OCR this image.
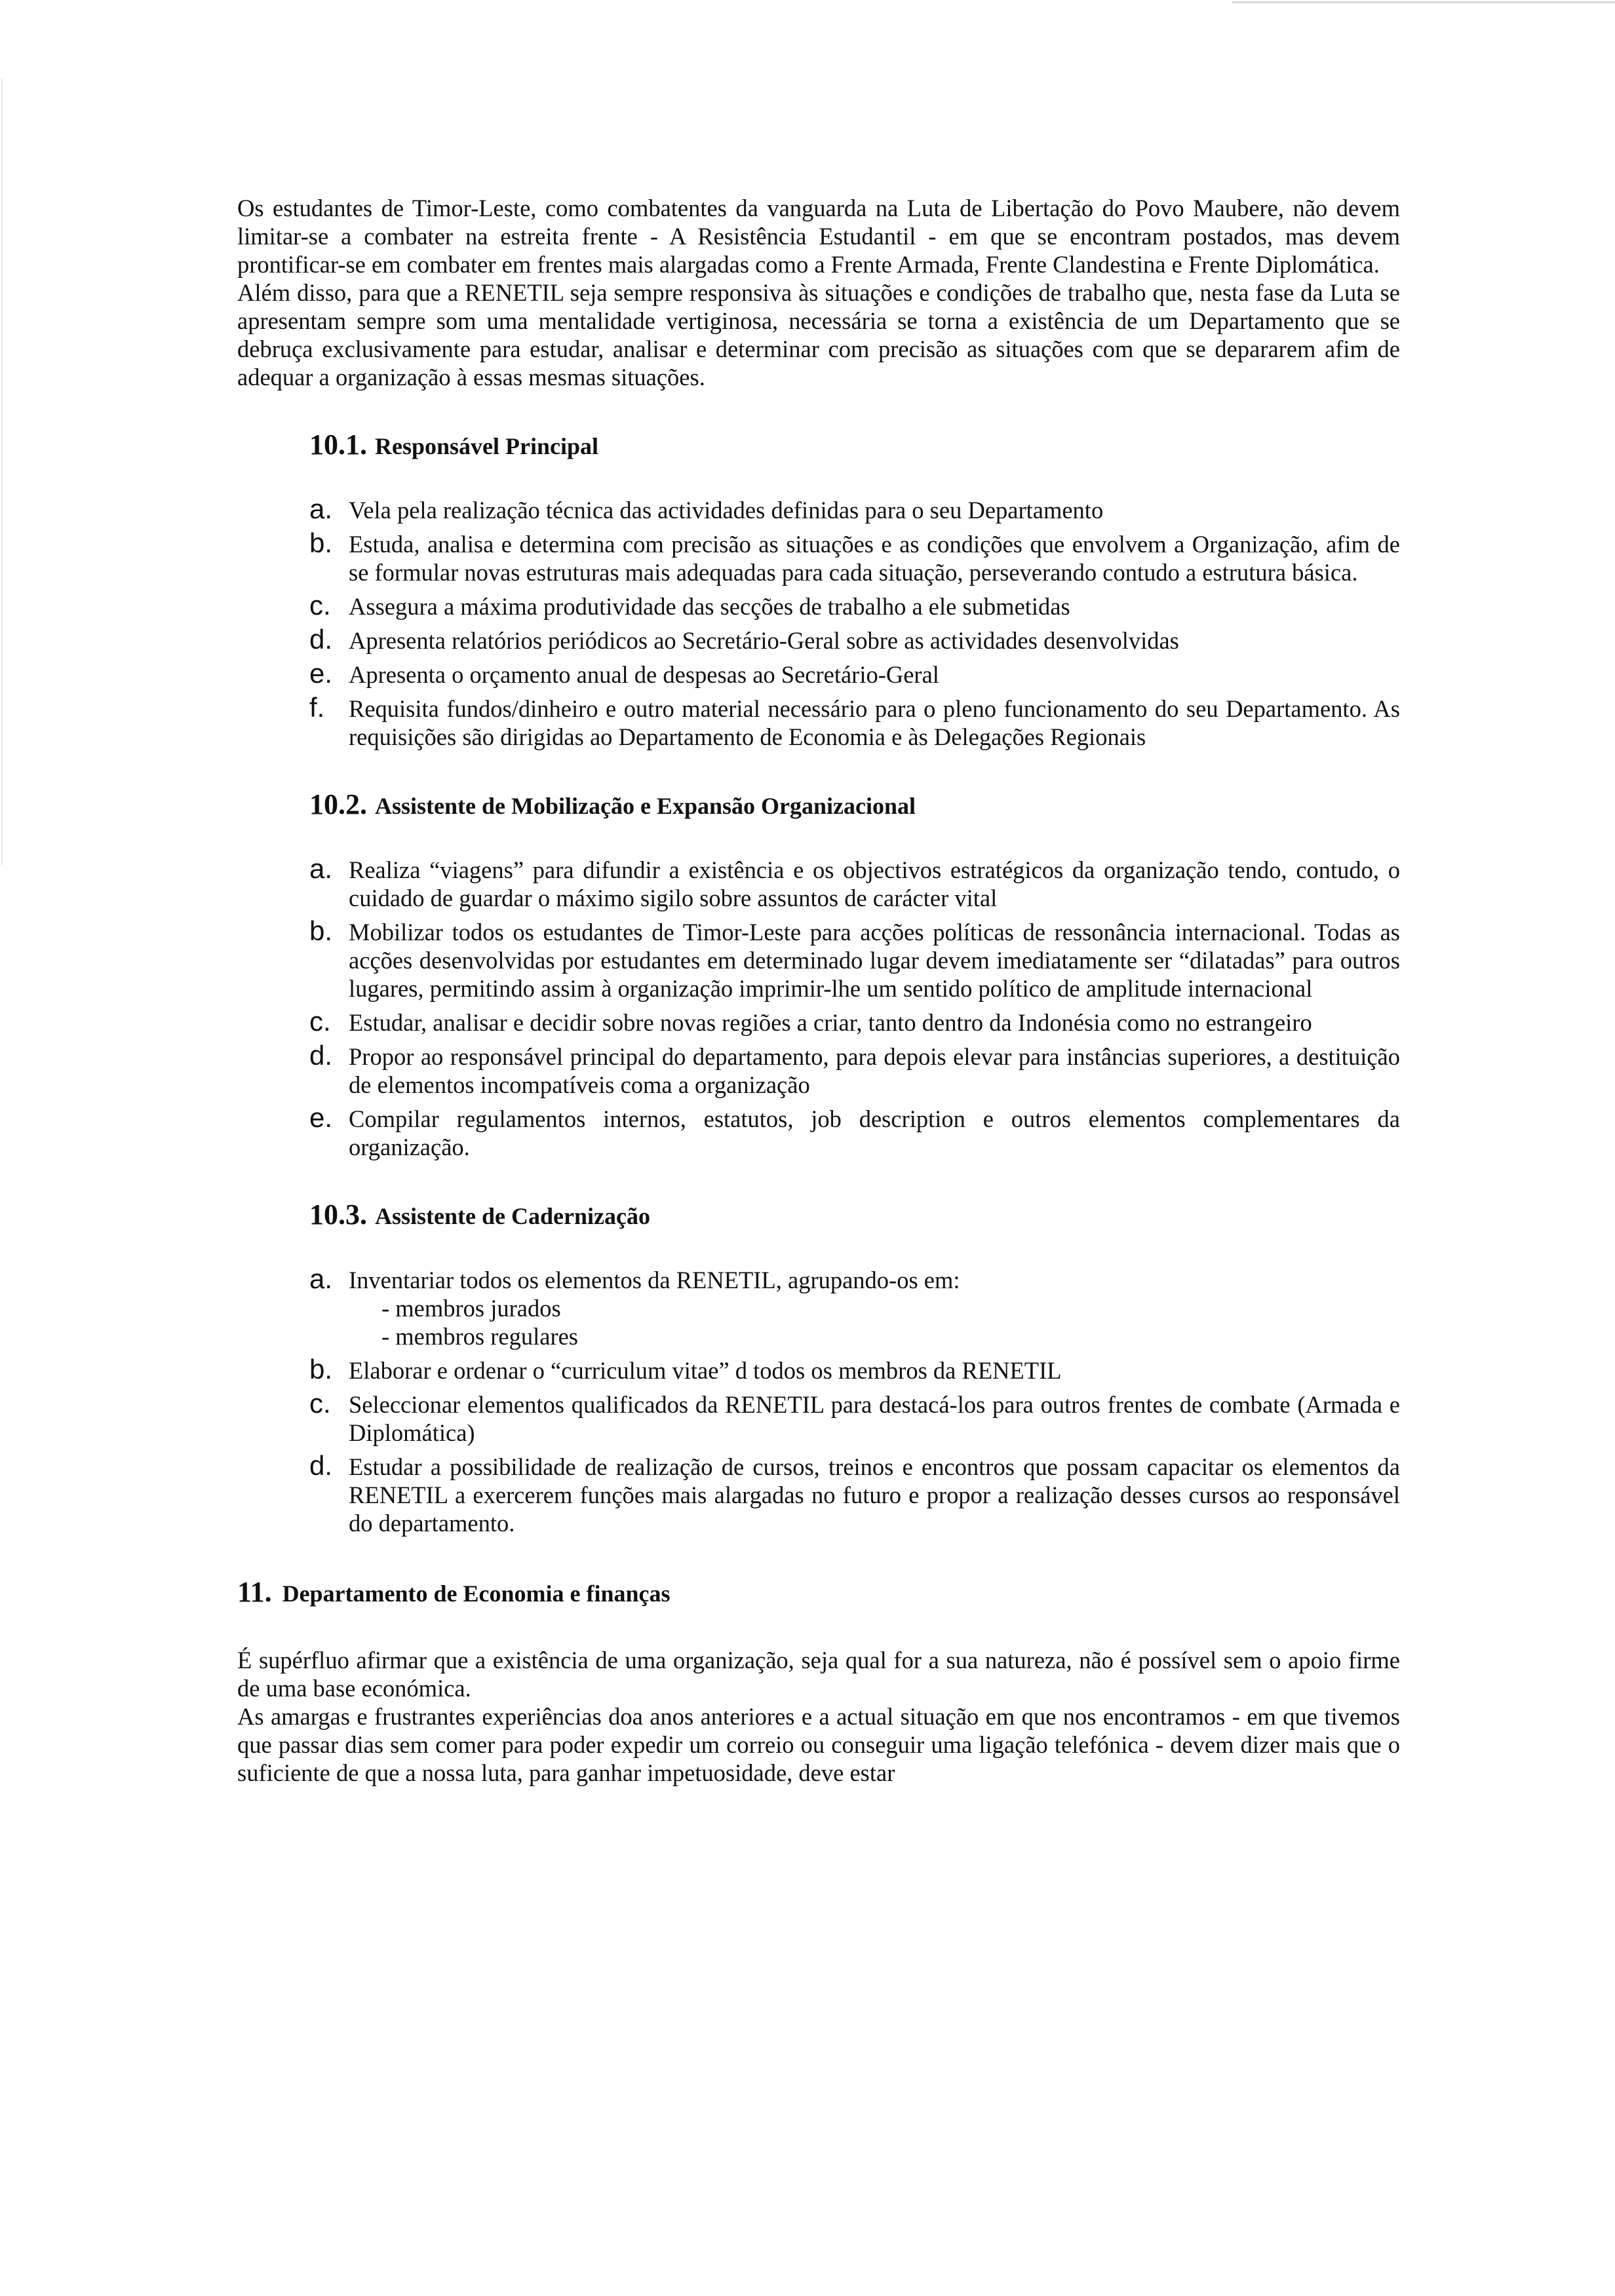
Os estudantes de Timor-Leste, como combatentes da vanguarda na Luta de Libertação do Povo Maubere, não devem limitar-se a combater na estreita frente - A Resistência Estudantil - em que se encontram postados, mas devem prontificar-se em combater em frentes mais alargadas como a Frente Armada, Frente Clandestina e Frente Diplomática.

Além disso, para que a RENETIL seja sempre responsiva às situações e condições de trabalho que, nesta fase da Luta se apresentam sempre som uma mentalidade vertiginosa, necessária se torna a existência de um Departamento que se debruça exclusivamente para estudar, analisar e determinar com precisão as situações com que se depararem afim de adequar a organização à essas mesmas situações.

10.1. Responsável Principal
a. Vela pela realização técnica das actividades definidas para o seu Departamento
b. Estuda, analisa e determina com precisão as situações e as condições que envolvem a Organização, afim de se formular novas estruturas mais adequadas para cada situação, perseverando contudo a estrutura básica.
c. Assegura a máxima produtividade das secções de trabalho a ele submetidas
d. Apresenta relatórios periódicos ao Secretário-Geral sobre as actividades desenvolvidas
e. Apresenta o orçamento anual de despesas ao Secretário-Geral
f. Requisita fundos/dinheiro e outro material necessário para o pleno funcionamento do seu Departamento. As requisições são dirigidas ao Departamento de Economia e às Delegações Regionais
10.2. Assistente de Mobilização e Expansão Organizacional
a. Realiza “viagens” para difundir a existência e os objectivos estratégicos da organização tendo, contudo, o cuidado de guardar o máximo sigilo sobre assuntos de carácter vital
b. Mobilizar todos os estudantes de Timor-Leste para acções políticas de ressonância internacional. Todas as acções desenvolvidas por estudantes em determinado lugar devem imediatamente ser “dilatadas” para outros lugares, permitindo assim à organização imprimir-lhe um sentido político de amplitude internacional
c. Estudar, analisar e decidir sobre novas regiões a criar, tanto dentro da Indonésia como no estrangeiro
d. Propor ao responsável principal do departamento, para depois elevar para instâncias superiores, a destituição de elementos incompatíveis coma a organização
e. Compilar regulamentos internos, estatutos, job description e outros elementos complementares da organização.
10.3. Assistente de Cadernização
a. Inventariar todos os elementos da RENETIL, agrupando-os em:
- membros jurados
- membros regulares
b. Elaborar e ordenar o “curriculum vitae” d todos os membros da RENETIL
c. Seleccionar elementos qualificados da RENETIL para destacá-los para outros frentes de combate (Armada e Diplomática)
d. Estudar a possibilidade de realização de cursos, treinos e encontros que possam capacitar os elementos da RENETIL a exercerem funções mais alargadas no futuro e propor a realização desses cursos ao responsável do departamento.
11. Departamento de Economia e finanças

É supérfluo afirmar que a existência de uma organização, seja qual for a sua natureza, não é possível sem o apoio firme de uma base económica.

As amargas e frustrantes experiências doa anos anteriores e a actual situação em que nos encontramos - em que tivemos que passar dias sem comer para poder expedir um correio ou conseguir uma ligação telefónica - devem dizer mais que o suficiente de que a nossa luta, para ganhar impetuosidade, deve estar
